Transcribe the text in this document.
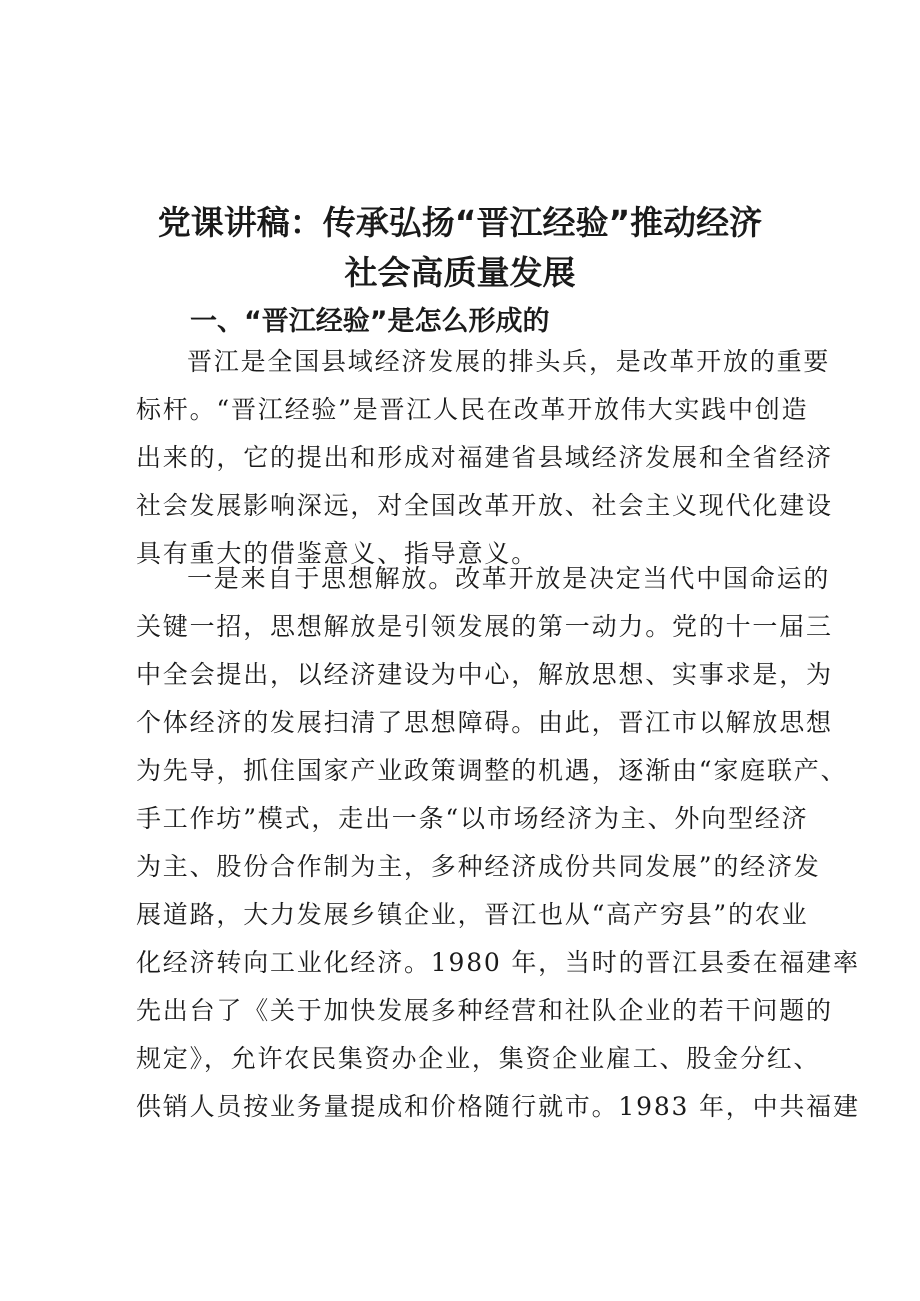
党课讲稿：传承弘扬“晋江经验”推动经济
社会高质量发展
一、“晋江经验”是怎么形成的
晋江是全国县域经济发展的排头兵，是改革开放的重要
标杆。“晋江经验”是晋江人民在改革开放伟大实践中创造
出来的，它的提出和形成对福建省县域经济发展和全省经济
社会发展影响深远，对全国改革开放、社会主义现代化建设
具有重大的借鉴意义、指导意义。
一是来自于思想解放。改革开放是决定当代中国命运的
关键一招，思想解放是引领发展的第一动力。党的十一届三
中全会提出，以经济建设为中心，解放思想、实事求是，为
个体经济的发展扫清了思想障碍。由此，晋江市以解放思想
为先导，抓住国家产业政策调整的机遇，逐渐由“家庭联产、
手工作坊”模式，走出一条“以市场经济为主、外向型经济
为主、股份合作制为主，多种经济成份共同发展”的经济发
展道路，大力发展乡镇企业，晋江也从“高产穷县”的农业
化经济转向工业化经济。1980 年，当时的晋江县委在福建率
先出台了《关于加快发展多种经营和社队企业的若干问题的
规定》，允许农民集资办企业，集资企业雇工、股金分红、
供销人员按业务量提成和价格随行就市。1983 年，中共福建
